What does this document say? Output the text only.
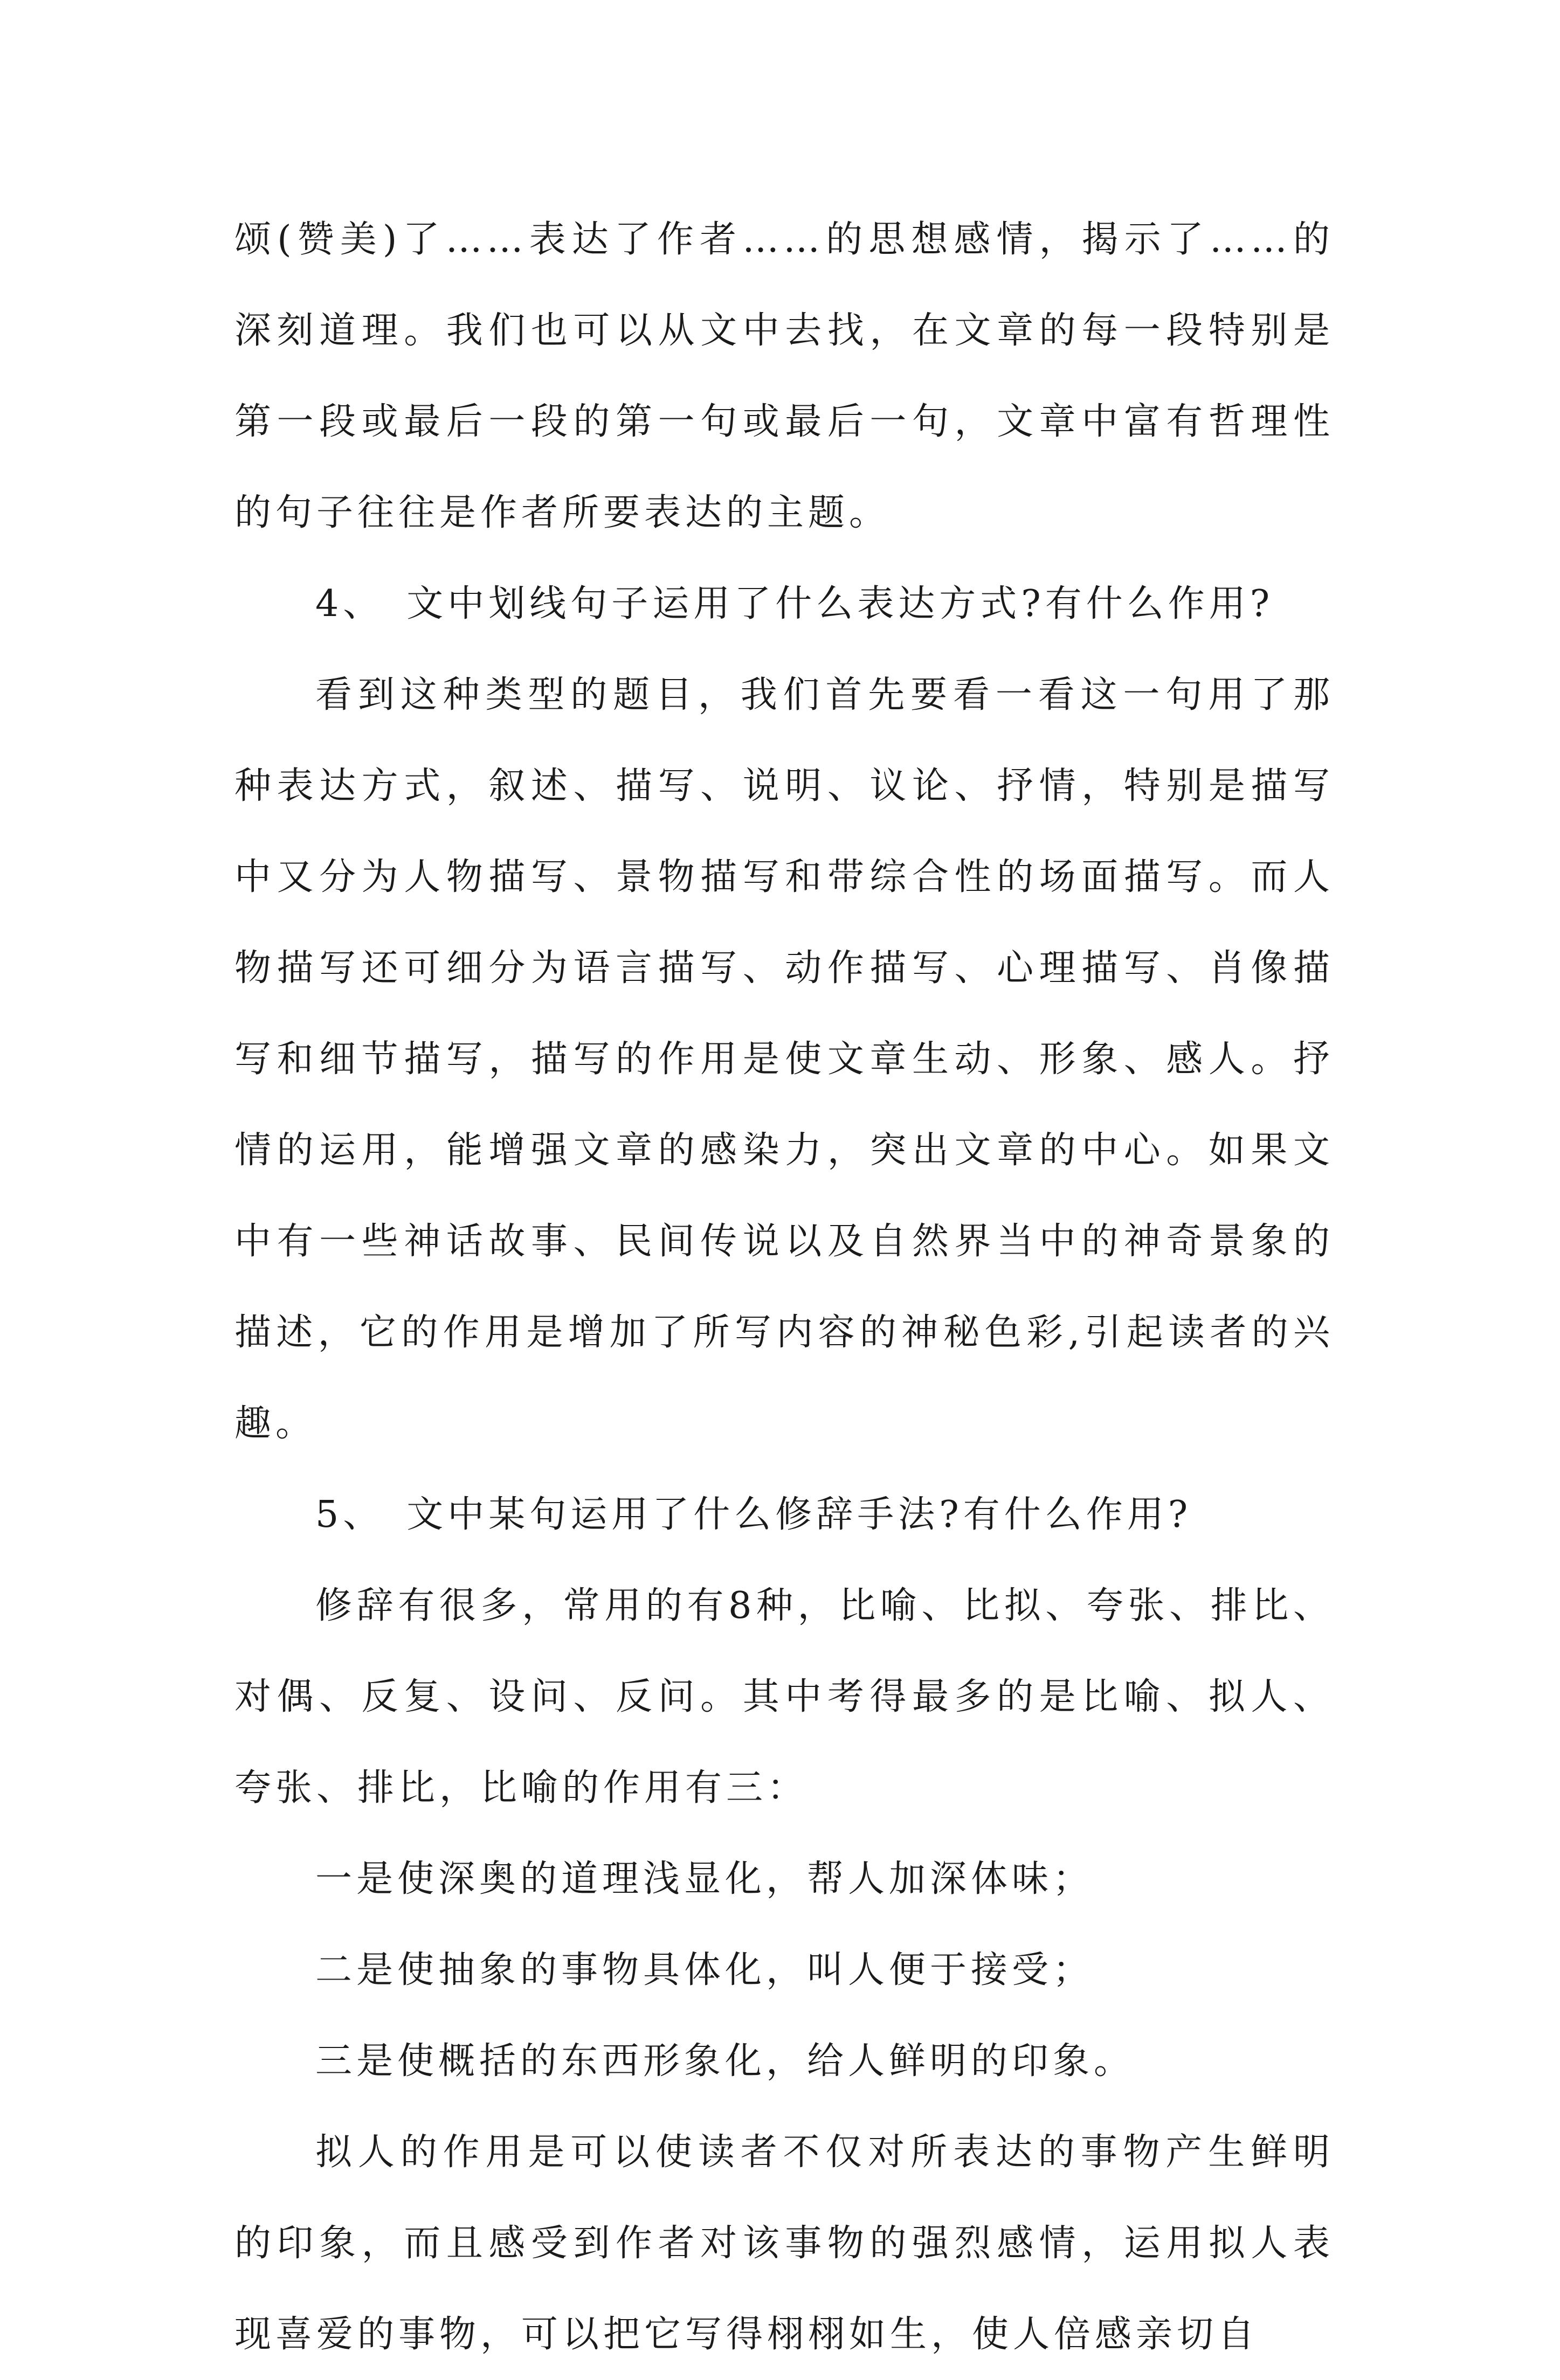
颂(赞美)了……表达了作者……的思想感情，揭示了……的深刻道理。我们也可以从文中去找，在文章的每一段特别是第一段或最后一段的第一句或最后一句，文章中富有哲理性的句子往往是作者所要表达的主题。

4、　文中划线句子运用了什么表达方式?有什么作用?

看到这种类型的题目，我们首先要看一看这一句用了那种表达方式，叙述、描写、说明、议论、抒情，特别是描写中又分为人物描写、景物描写和带综合性的场面描写。而人物描写还可细分为语言描写、动作描写、心理描写、肖像描写和细节描写，描写的作用是使文章生动、形象、感人。抒情的运用，能增强文章的感染力，突出文章的中心。如果文中有一些神话故事、民间传说以及自然界当中的神奇景象的描述，它的作用是增加了所写内容的神秘色彩,引起读者的兴趣。

5、　文中某句运用了什么修辞手法?有什么作用?

修辞有很多，常用的有8种，比喻、比拟、夸张、排比、对偶、反复、设问、反问。其中考得最多的是比喻、拟人、夸张、排比，比喻的作用有三：

一是使深奥的道理浅显化，帮人加深体味；

二是使抽象的事物具体化，叫人便于接受；

三是使概括的东西形象化，给人鲜明的印象。

拟人的作用是可以使读者不仅对所表达的事物产生鲜明的印象，而且感受到作者对该事物的强烈感情，运用拟人表现喜爱的事物，可以把它写得栩栩如生，使人倍感亲切自
